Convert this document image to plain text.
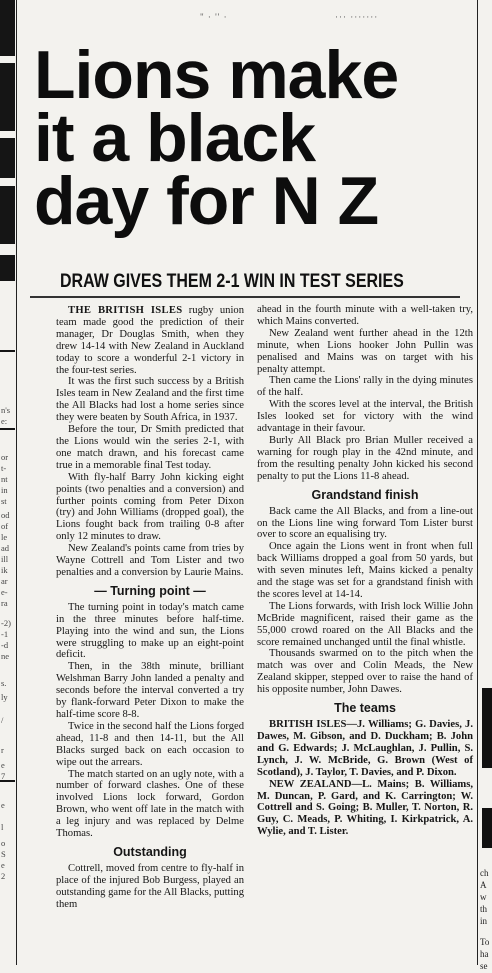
n's
e:
or
t-
nt
in
st
od
of
le
ad
ill
ik
ar
e-
ra
-2)
-1
-d
ne
s.
ly
/
r
e
7
e
l
o
S
e
2	ch
A
w
th
in
To
ha
se
" · '' ·	··· ·······
Lions make
it a black
day for N Z
DRAW GIVES THEM 2-1 WIN IN TEST SERIES

THE BRITISH ISLES rugby union team made good the prediction of their manager, Dr Douglas Smith, when they drew 14-14 with New Zealand in Auckland today to score a wonderful 2-1 victory in the four-test series.

It was the first such success by a British Isles team in New Zealand and the first time the All Blacks had lost a home series since they were beaten by South Africa, in 1937.

Before the tour, Dr Smith predicted that the Lions would win the series 2-1, with one match drawn, and his forecast came true in a memorable final Test today.

With fly-half Barry John kicking eight points (two penalties and a conversion) and further points coming from Peter Dixon (try) and John Williams (dropped goal), the Lions fought back from trailing 0-8 after only 12 minutes to draw.

New Zealand's points came from tries by Wayne Cottrell and Tom Lister and two penalties and a conversion by Laurie Mains.

— Turning point —

The turning point in today's match came in the three minutes before half-time. Playing into the wind and sun, the Lions were struggling to make up an eight-point deficit.

Then, in the 38th minute, brilliant Welshman Barry John landed a penalty and seconds before the interval converted a try by flank-forward Peter Dixon to make the half-time score 8-8.

Twice in the second half the Lions forged ahead, 11-8 and then 14-11, but the All Blacks surged back on each occasion to wipe out the arrears.

The match started on an ugly note, with a number of forward clashes. One of these involved Lions lock forward, Gordon Brown, who went off late in the match with a leg injury and was replaced by Delme Thomas.

Outstanding

Cottrell, moved from centre to fly-half in place of the injured Bob Burgess, played an outstanding game for the All Blacks, putting them

ahead in the fourth minute with a well-taken try, which Mains converted.

New Zealand went further ahead in the 12th minute, when Lions hooker John Pullin was penalised and Mains was on target with his penalty attempt.

Then came the Lions' rally in the dying minutes of the half.

With the scores level at the interval, the British Isles looked set for victory with the wind advantage in their favour.

Burly All Black pro Brian Muller received a warning for rough play in the 42nd minute, and from the resulting penalty John kicked his second penalty to put the Lions 11-8 ahead.

Grandstand finish

Back came the All Blacks, and from a line-out on the Lions line wing forward Tom Lister burst over to score an equalising try.

Once again the Lions went in front when full back Williams dropped a goal from 50 yards, but with seven minutes left, Mains kicked a penalty and the stage was set for a grandstand finish with the scores level at 14-14.

The Lions forwards, with Irish lock Willie John McBride magnificent, raised their game as the 55,000 crowd roared on the All Blacks and the score remained unchanged until the final whistle.

Thousands swarmed on to the pitch when the match was over and Colin Meads, the New Zealand skipper, stepped over to raise the hand of his opposite number, John Dawes.

The teams

BRITISH ISLES—J. Williams; G. Davies, J. Dawes, M. Gibson, and D. Duckham; B. John and G. Edwards; J. McLaughlan, J. Pullin, S. Lynch, J. W. McBride, G. Brown (West of Scotland), J. Taylor, T. Davies, and P. Dixon.

NEW ZEALAND—L. Mains; B. Williams, M. Duncan, P. Gard, and K. Carrington; W. Cottrell and S. Going; B. Muller, T. Norton, R. Guy, C. Meads, P. Whiting, I. Kirkpatrick, A. Wylie, and T. Lister.
